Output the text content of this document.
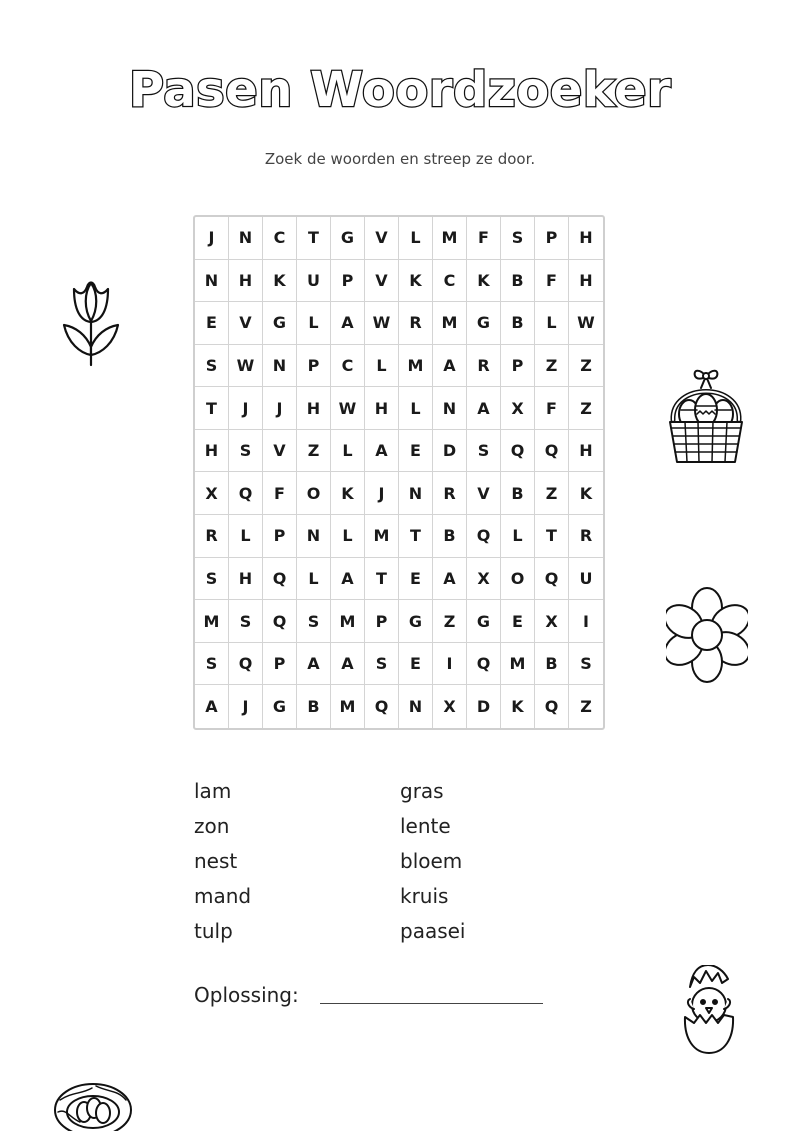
Pasen Woordzoeker
Zoek de woorden en streep ze door.
J	N	C	T	G	V	L	M	F	S	P	H
N	H	K	U	P	V	K	C	K	B	F	H
E	V	G	L	A	W	R	M	G	B	L	W
S	W	N	P	C	L	M	A	R	P	Z	Z
T	J	J	H	W	H	L	N	A	X	F	Z
H	S	V	Z	L	A	E	D	S	Q	Q	H
X	Q	F	O	K	J	N	R	V	B	Z	K
R	L	P	N	L	M	T	B	Q	L	T	R
S	H	Q	L	A	T	E	A	X	O	Q	U
M	S	Q	S	M	P	G	Z	G	E	X	I
S	Q	P	A	A	S	E	I	Q	M	B	S
A	J	G	B	M	Q	N	X	D	K	Q	Z
lam
zon
nest
mand
tulp
gras
lente
bloem
kruis
paasei
Oplossing:
